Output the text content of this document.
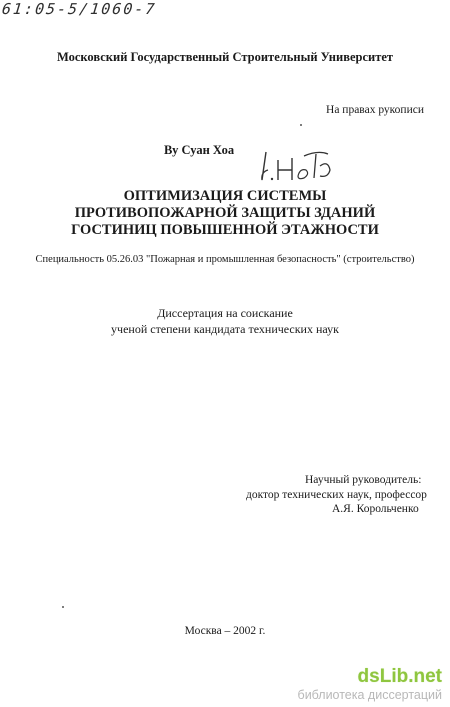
61:05-5/1060-7
Московский Государственный Строительный Университет
На правах рукописи
Ву Суан Хоа
ОПТИМИЗАЦИЯ СИСТЕМЫ
ПРОТИВОПОЖАРНОЙ ЗАЩИТЫ ЗДАНИЙ
ГОСТИНИЦ ПОВЫШЕННОЙ ЭТАЖНОСТИ
Специальность 05.26.03 "Пожарная и промышленная безопасность" (строительство)
Диссертация на соискание
ученой степени кандидата технических наук
Научный руководитель:
доктор технических наук, профессор
А.Я. Корольченко
Москва – 2002 г.
dsLib.net
библиотека диссертаций
